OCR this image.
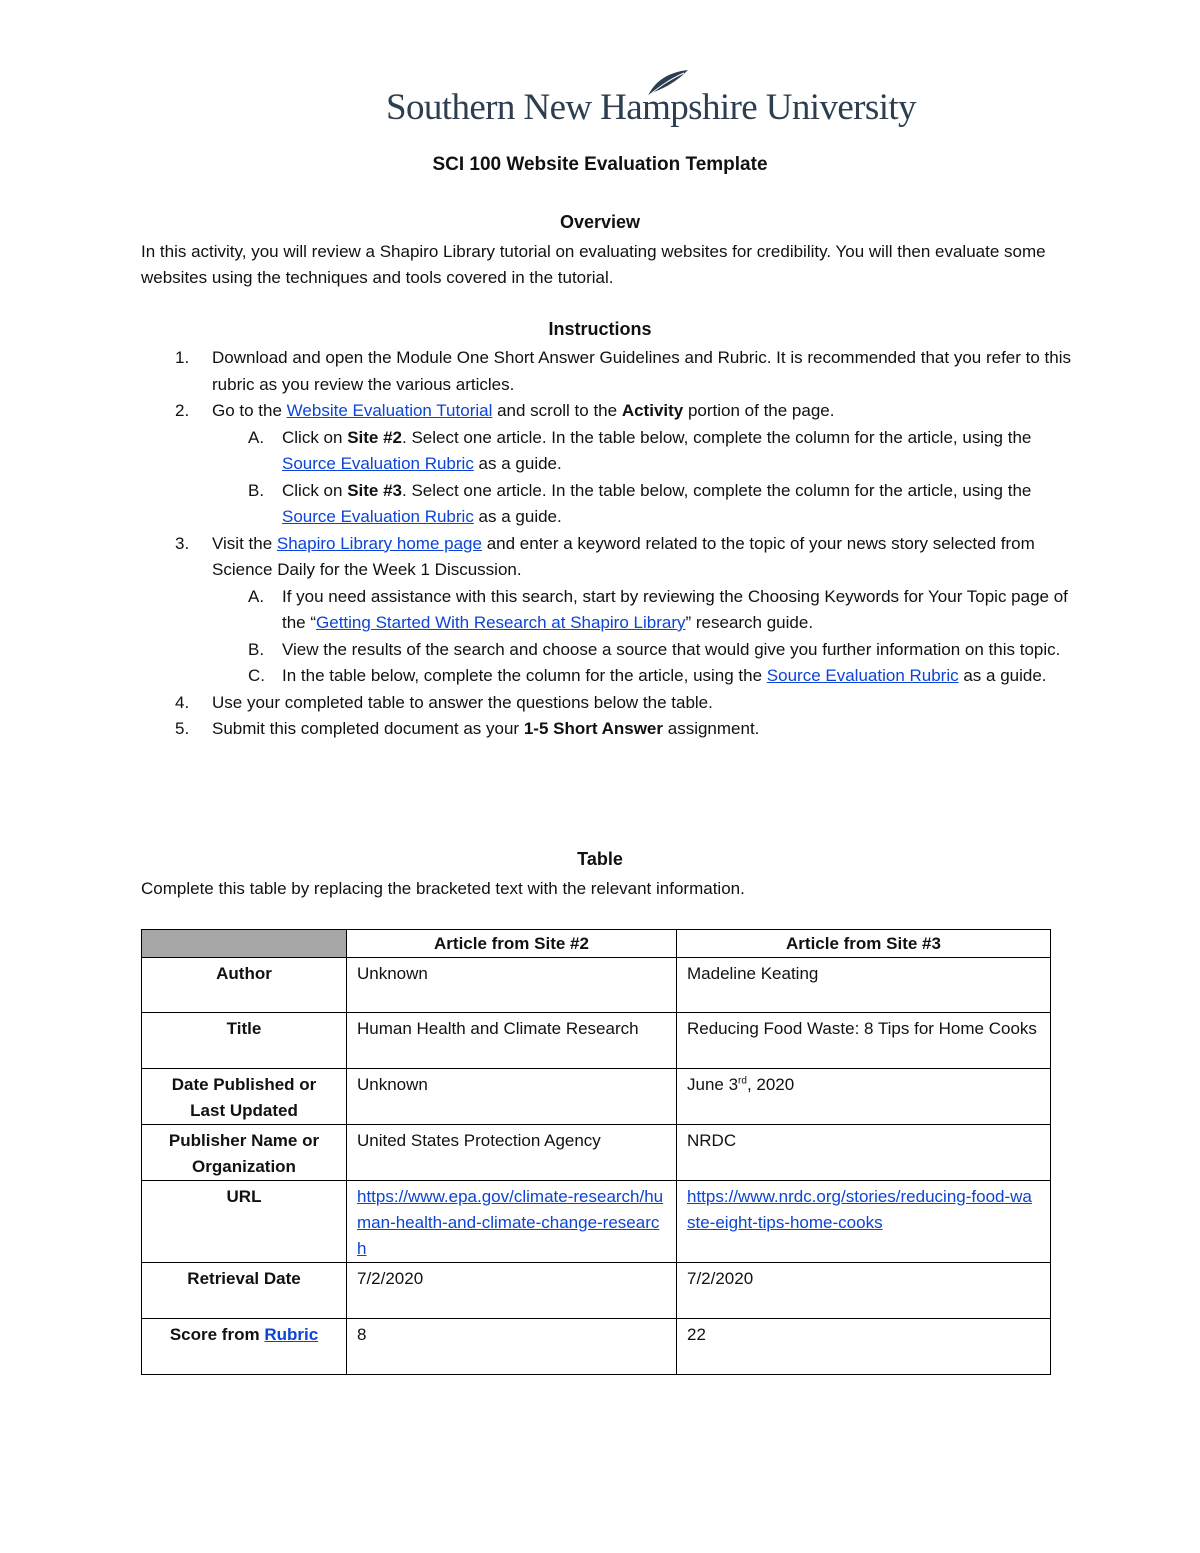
Southern New Hampshire University
SCI 100 Website Evaluation Template
Overview
In this activity, you will review a Shapiro Library tutorial on evaluating websites for credibility. You will then evaluate some websites using the techniques and tools covered in the tutorial.
Instructions
1. Download and open the Module One Short Answer Guidelines and Rubric. It is recommended that you refer to this rubric as you review the various articles.
2. Go to the Website Evaluation Tutorial and scroll to the Activity portion of the page.
A. Click on Site #2. Select one article. In the table below, complete the column for the article, using the Source Evaluation Rubric as a guide.
B. Click on Site #3. Select one article. In the table below, complete the column for the article, using the Source Evaluation Rubric as a guide.
3. Visit the Shapiro Library home page and enter a keyword related to the topic of your news story selected from Science Daily for the Week 1 Discussion.
A. If you need assistance with this search, start by reviewing the Choosing Keywords for Your Topic page of the “Getting Started With Research at Shapiro Library” research guide.
B. View the results of the search and choose a source that would give you further information on this topic.
C. In the table below, complete the column for the article, using the Source Evaluation Rubric as a guide.
4. Use your completed table to answer the questions below the table.
5. Submit this completed document as your 1-5 Short Answer assignment.
Table
Complete this table by replacing the bracketed text with the relevant information.
	Article from Site #2	Article from Site #3
Author	Unknown	Madeline Keating
Title	Human Health and Climate Research	Reducing Food Waste: 8 Tips for Home Cooks
Date Published or Last Updated	Unknown	June 3rd, 2020
Publisher Name or Organization	United States Protection Agency	NRDC
URL	https://www.epa.gov/climate-research/human-health-and-climate-change-research	https://www.nrdc.org/stories/reducing-food-waste-eight-tips-home-cooks
Retrieval Date	7/2/2020	7/2/2020
Score from Rubric	8	22
